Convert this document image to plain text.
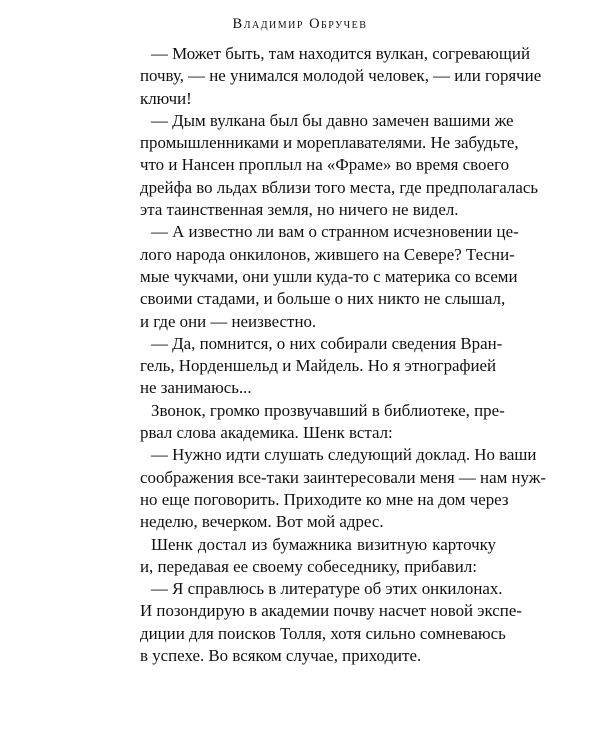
Владимир Обручев
— Может быть, там находится вулкан, согревающий
почву, — не унимался молодой человек, — или горячие
ключи!
— Дым вулкана был бы давно замечен вашими же
промышленниками и мореплавателями. Не забудьте,
что и Нансен проплыл на «Фраме» во время своего
дрейфа во льдах вблизи того места, где предполагалась
эта таинственная земля, но ничего не видел.
— А известно ли вам о странном исчезновении це-
лого народа онкилонов, жившего на Севере? Тесни-
мые чукчами, они ушли куда-то с материка со всеми
своими стадами, и больше о них никто не слышал,
и где они — неизвестно.
— Да, помнится, о них собирали сведения Вран-
гель, Норденшельд и Майдель. Но я этнографией
не занимаюсь...
Звонок, громко прозвучавший в библиотеке, пре-
рвал слова академика. Шенк встал:
— Нужно идти слушать следующий доклад. Но ваши
соображения все-таки заинтересовали меня — нам нуж-
но еще поговорить. Приходите ко мне на дом через
неделю, вечерком. Вот мой адрес.
Шенк достал из бумажника визитную карточку
и, передавая ее своему собеседнику, прибавил:
— Я справлюсь в литературе об этих онкилонах.
И позондирую в академии почву насчет новой экспе-
диции для поисков Толля, хотя сильно сомневаюсь
в успехе. Во всяком случае, приходите.
